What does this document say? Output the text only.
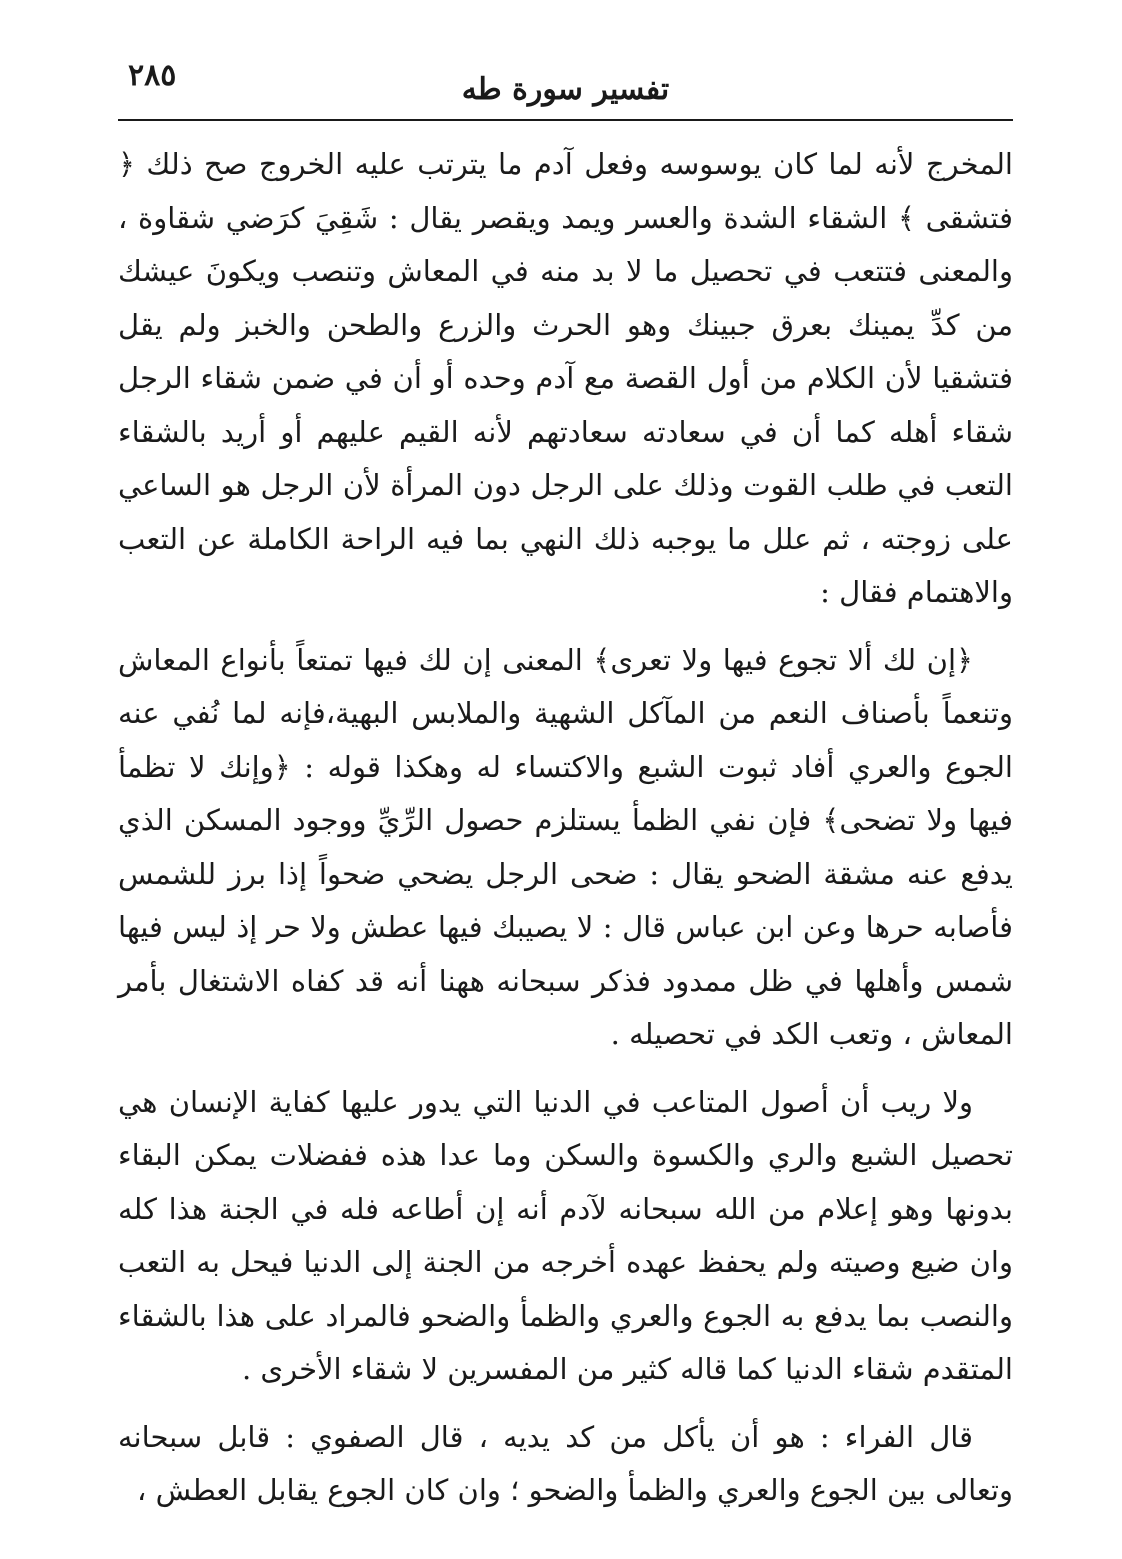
٢٨٥	تفسير سورة طه

المخرج لأنه لما كان يوسوسه وفعل آدم ما يترتب عليه الخروج صح ذلك ﴿ فتشقى ﴾ الشقاء الشدة والعسر ويمد ويقصر يقال : شَقِيَ كرَضي شقاوة ، والمعنى فتتعب في تحصيل ما لا بد منه في المعاش وتنصب ويكونَ عيشك من كدِّ يمينك بعرق جبينك وهو الحرث والزرع والطحن والخبز ولم يقل فتشقيا لأن الكلام من أول القصة مع آدم وحده أو أن في ضمن شقاء الرجل شقاء أهله كما أن في سعادته سعادتهم لأنه القيم عليهم أو أريد بالشقاء التعب في طلب القوت وذلك على الرجل دون المرأة لأن الرجل هو الساعي على زوجته ، ثم علل ما يوجبه ذلك النهي بما فيه الراحة الكاملة عن التعب والاهتمام فقال :

﴿إن لك ألا تجوع فيها ولا تعرى﴾ المعنى إن لك فيها تمتعاً بأنواع المعاش وتنعماً بأصناف النعم من المآكل الشهية والملابس البهية،فإنه لما نُفي عنه الجوع والعري أفاد ثبوت الشبع والاكتساء له وهكذا قوله : ﴿وإنك لا تظمأ فيها ولا تضحى﴾ فإن نفي الظمأ يستلزم حصول الرِّيِّ ووجود المسكن الذي يدفع عنه مشقة الضحو يقال : ضحى الرجل يضحي ضحواً إذا برز للشمس فأصابه حرها وعن ابن عباس قال : لا يصيبك فيها عطش ولا حر إذ ليس فيها شمس وأهلها في ظل ممدود فذكر سبحانه ههنا أنه قد كفاه الاشتغال بأمر المعاش ، وتعب الكد في تحصيله .

ولا ريب أن أصول المتاعب في الدنيا التي يدور عليها كفاية الإنسان هي تحصيل الشبع والري والكسوة والسكن وما عدا هذه ففضلات يمكن البقاء بدونها وهو إعلام من الله سبحانه لآدم أنه إن أطاعه فله في الجنة هذا كله وان ضيع وصيته ولم يحفظ عهده أخرجه من الجنة إلى الدنيا فيحل به التعب والنصب بما يدفع به الجوع والعري والظمأ والضحو فالمراد على هذا بالشقاء المتقدم شقاء الدنيا كما قاله كثير من المفسرين لا شقاء الأخرى .

قال الفراء : هو أن يأكل من كد يديه ، قال الصفوي : قابل سبحانه وتعالى بين الجوع والعري والظمأ والضحو ؛ وان كان الجوع يقابل العطش ،
